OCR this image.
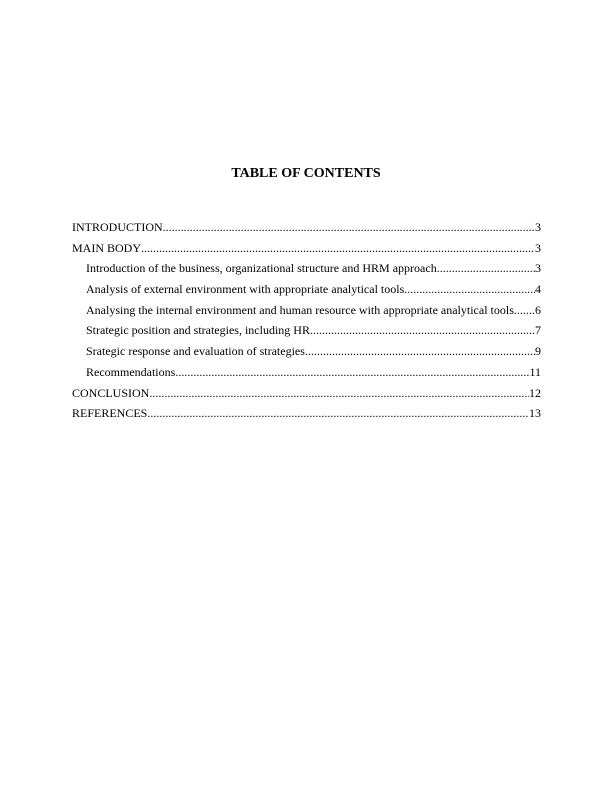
TABLE OF CONTENTS
INTRODUCTION .....	3
MAIN BODY .....	3
Introduction of the business, organizational structure and HRM approach .....	3
Analysis of external environment with appropriate analytical tools .....	4
Analysing the internal environment and human resource with appropriate analytical tools ..... 6
Strategic position and strategies, including HR .....	7
Srategic response and evaluation of strategies .....	9
Recommendations .....	11
CONCLUSION .....	12
REFERENCES .....	13
